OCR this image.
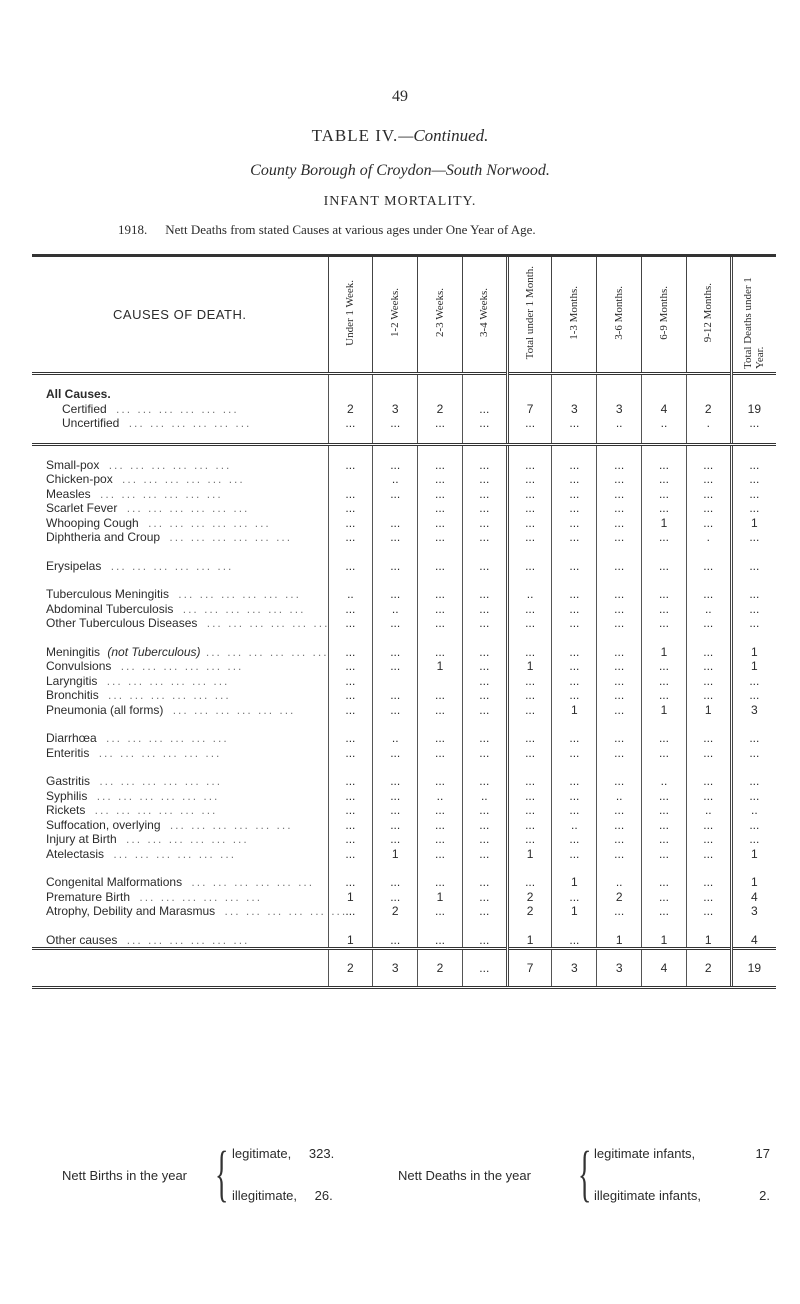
49
TABLE IV.—Continued.
County Borough of Croydon—South Norwood.
INFANT MORTALITY.
1918. Nett Deaths from stated Causes at various ages under One Year of Age.
CAUSES OF DEATH.	Under 1 Week.	1-2 Weeks.	2-3 Weeks.	3-4 Weeks.	Total under 1 Month.	1-3 Months.	3-6 Months.	6-9 Months.	9-12 Months.	Total Deaths under 1 Year.

All Causes.										
Certified ... ... ... ... ... ...	2	3	2	...	7	3	3	4	2	19
Uncertified ... ... ... ... ... ...	...	...	...	...	...	...	..	..	.	...

Small-pox ... ... ... ... ... ...	...	...	...	...	...	...	...	...	...	...
Chicken-pox ... ... ... ... ... ...		..	...	...	...	...	...	...	...	...
Measles ... ... ... ... ... ...	...	...	...	...	...	...	...	...	...	...
Scarlet Fever ... ... ... ... ... ...	...		...	...	...	...	...	...	...	...
Whooping Cough ... ... ... ... ... ...	...	...	...	...	...	...	...	1	...	1
Diphtheria and Croup ... ... ... ... ... ...	...	...	...	...	...	...	...	...	.	...

Erysipelas ... ... ... ... ... ...	...	...	...	...	...	...	...	...	...	...

Tuberculous Meningitis ... ... ... ... ... ...	..	...	...	...	..	...	...	...	...	...
Abdominal Tuberculosis ... ... ... ... ... ...	...	..	...	...	...	...	...	...	..	...
Other Tuberculous Diseases ... ... ... ... ... ...	...	...	...	...	...	...	...	...	...	...

Meningitis (not Tuberculous) ... ... ... ... ... ...	...	...	...	...	...	...	...	1	...	1
Convulsions ... ... ... ... ... ...	...	...	1	...	1	...	...	...	...	1
Laryngitis ... ... ... ... ... ...	...			...	...	...	...	...	...	...
Bronchitis ... ... ... ... ... ...	...	...	...	...	...	...	...	...	...	...
Pneumonia (all forms) ... ... ... ... ... ...	...	...	...	...	...	1	...	1	1	3

Diarrhœa ... ... ... ... ... ...	...	..	...	...	...	...	...	...	...	...
Enteritis ... ... ... ... ... ...	...	...	...	...	...	...	...	...	...	...

Gastritis ... ... ... ... ... ...	...	...	...	...	...	...	...	..	...	...
Syphilis ... ... ... ... ... ...	...	...	..	..	...	...	..	...	...	...
Rickets ... ... ... ... ... ...	...	...	...	...	...	...	...	...	..	..
Suffocation, overlying ... ... ... ... ... ...	...	...	...	...	...	..	...	...	...	...
Injury at Birth ... ... ... ... ... ...	...	...	...	...	...	...	...	...	...	...
Atelectasis ... ... ... ... ... ...	...	1	...	...	1	...	...	...	...	1

Congenital Malformations ... ... ... ... ... ...	...	...	...	...	...	1	..	...	...	1
Premature Birth ... ... ... ... ... ...	1	...	1	...	2	...	2	...	...	4
Atrophy, Debility and Marasmus ... ... ... ... ... ...	...	2	...	...	2	1	...	...	...	3

Other causes ... ... ... ... ... ...	1	...	...	...	1	...	1	1	1	4
	2	3	2	...	7	3	3	4	2	19
Nett Births in the year { legitimate, 323.
illegitimate, 26.
Nett Deaths in the year { legitimate infants,	17
illegitimate infants,	2.
